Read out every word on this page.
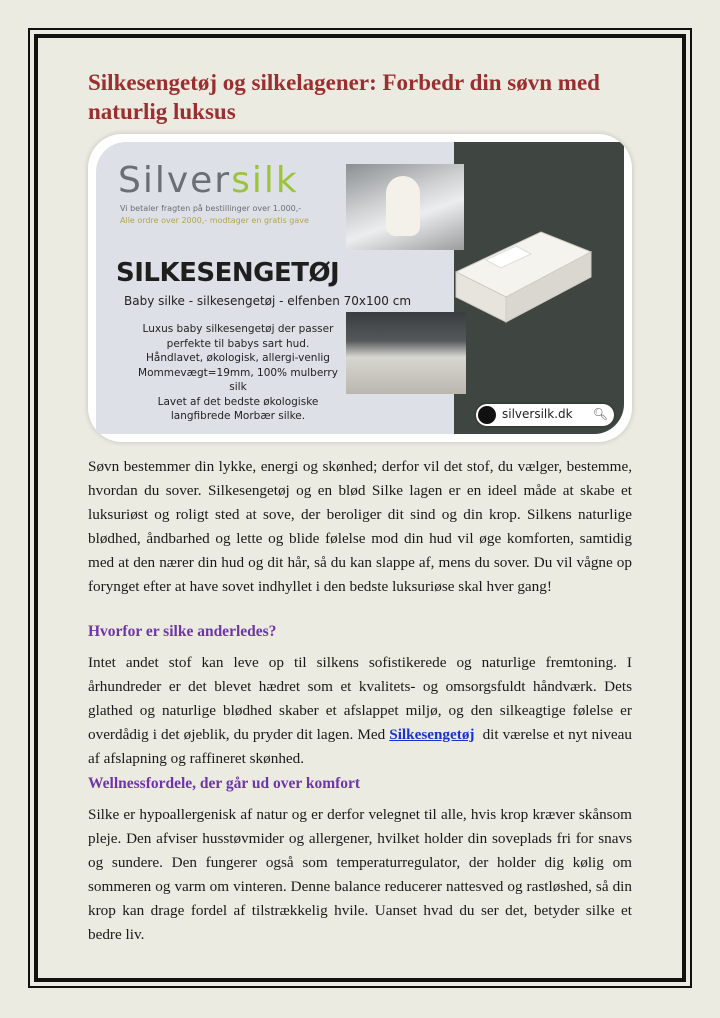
Silkesengetøj og silkelagener: Forbedr din søvn med naturlig luksus
Silversilk
Vi betaler fragten på bestillinger over 1.000,-
Alle ordre over 2000,- modtager en gratis gave
SILKESENGETØJ
Baby silke - silkesengetøj - elfenben 70x100 cm
Luxus baby silkesengetøj der passer
perfekte til babys sart hud.
Håndlavet, økologisk, allergi-venlig
Mommevægt=19mm, 100% mulberry
silk
Lavet af det bedste økologiske
langfibrede Morbær silke.	silversilk.dk 🔍︎

Søvn bestemmer din lykke, energi og skønhed; derfor vil det stof, du vælger, bestemme, hvordan du sover. Silkesengetøj og en blød Silke lagen er en ideel måde at skabe et luksuriøst og roligt sted at sove, der beroliger dit sind og din krop. Silkens naturlige blødhed, åndbarhed og lette og blide følelse mod din hud vil øge komforten, samtidig med at den nærer din hud og dit hår, så du kan slappe af, mens du sover. Du vil vågne op forynget efter at have sovet indhyllet i den bedste luksuriøse skal hver gang!

Hvorfor er silke anderledes?

Intet andet stof kan leve op til silkens sofistikerede og naturlige fremtoning. I århundreder er det blevet hædret som et kvalitets- og omsorgsfuldt håndværk. Dets glathed og naturlige blødhed skaber et afslappet miljø, og den silkeagtige følelse er overdådig i det øjeblik, du pryder dit lagen. Med Silkesengetøj dit værelse et nyt niveau af afslapning og raffineret skønhed.

Wellnessfordele, der går ud over komfort

Silke er hypoallergenisk af natur og er derfor velegnet til alle, hvis krop kræver skånsom pleje. Den afviser husstøvmider og allergener, hvilket holder din soveplads fri for snavs og sundere. Den fungerer også som temperaturregulator, der holder dig kølig om sommeren og varm om vinteren. Denne balance reducerer nattesved og rastløshed, så din krop kan drage fordel af tilstrækkelig hvile. Uanset hvad du ser det, betyder silke et bedre liv.
